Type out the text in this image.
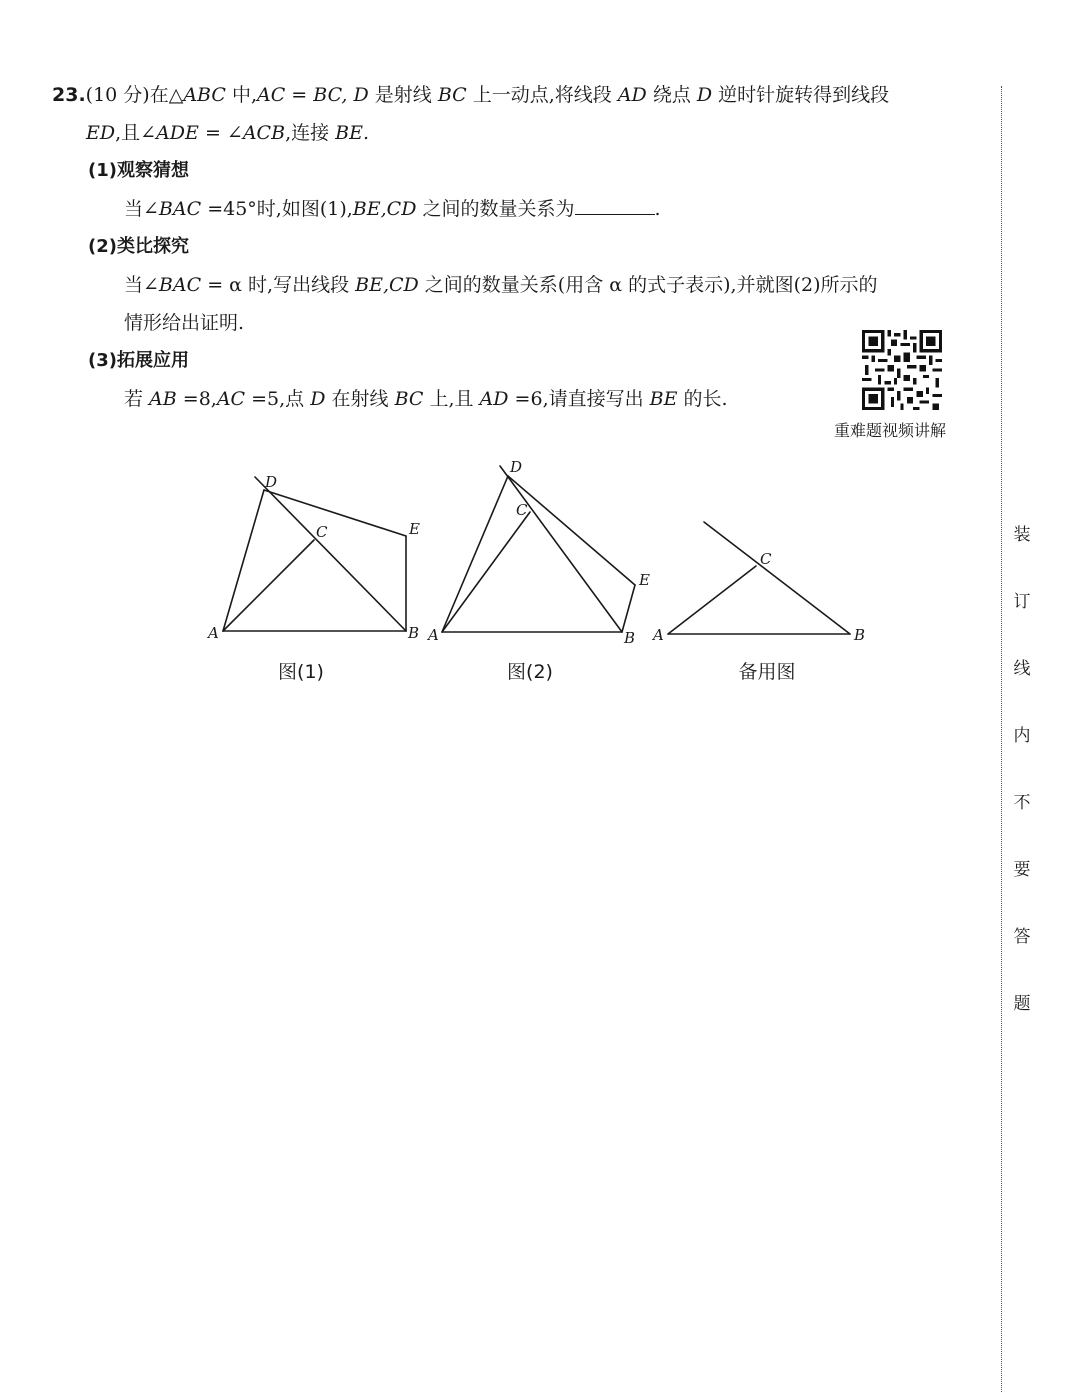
23.(10 分)在△ABC 中,AC = BC, D 是射线 BC 上一动点,将线段 AD 绕点 D 逆时针旋转得到线段
ED,且∠ADE = ∠ACB,连接 BE.
(1)观察猜想
当∠BAC =45°时,如图(1),BE,CD 之间的数量关系为	.
(2)类比探究
当∠BAC = α 时,写出线段 BE,CD 之间的数量关系(用含 α 的式子表示),并就图(2)所示的
情形给出证明.
(3)拓展应用
若 AB =8,AC =5,点 D 在射线 BC 上,且 AD =6,请直接写出 BE 的长.
重难题视频讲解
A	B
C
D
E
A	B
C
D
E
A	B
C
图(1)	图(2)	备用图
装
订
线
内
不
要
答
题
